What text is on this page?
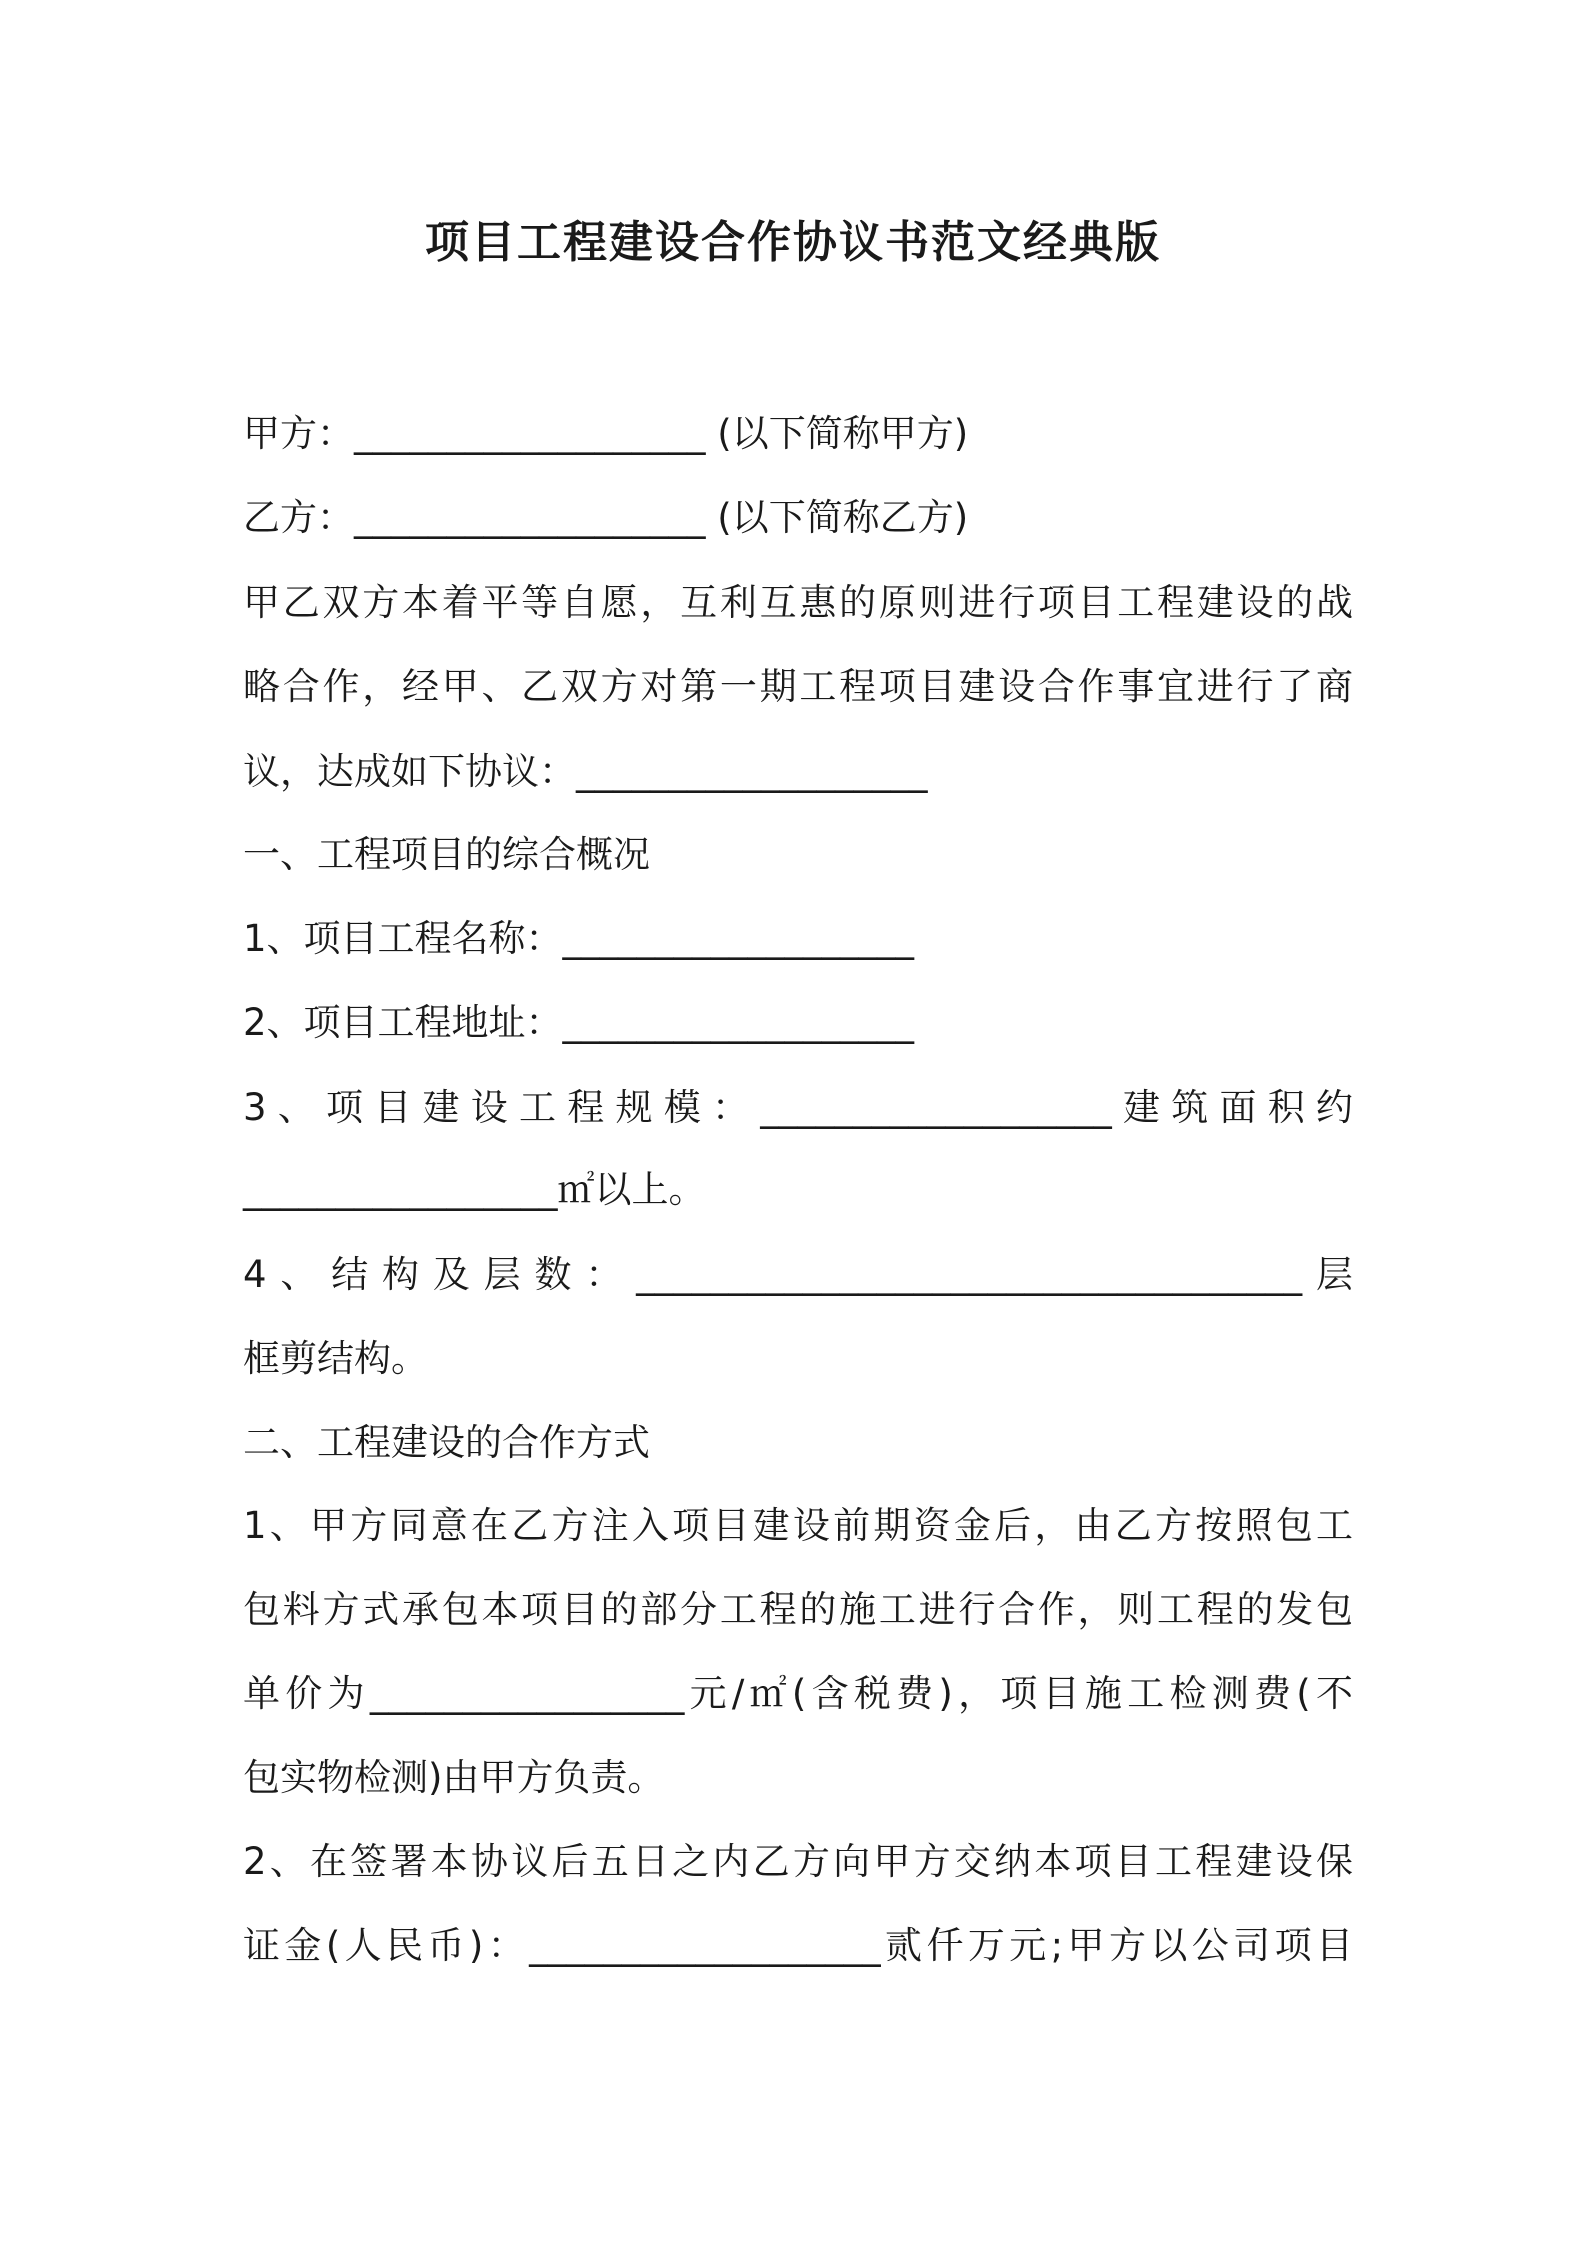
项目工程建设合作协议书范文经典版
甲方：___________________ (以下简称甲方)
乙方：___________________ (以下简称乙方)
甲乙双方本着平等自愿，互利互惠的原则进行项目工程建设的战
略合作，经甲、乙双方对第一期工程项目建设合作事宜进行了商
议，达成如下协议：___________________
一、工程项目的综合概况
1、项目工程名称：___________________
2、项目工程地址：___________________
3、项目建设工程规模：___________________建筑面积约
_________________㎡以上。
4、结构及层数：____________________________________层
框剪结构。
二、工程建设的合作方式
1、甲方同意在乙方注入项目建设前期资金后，由乙方按照包工
包料方式承包本项目的部分工程的施工进行合作，则工程的发包
单价为_________________元/㎡(含税费)，项目施工检测费(不
包实物检测)由甲方负责。
2、在签署本协议后五日之内乙方向甲方交纳本项目工程建设保
证金(人民币)：___________________贰仟万元;甲方以公司项目
